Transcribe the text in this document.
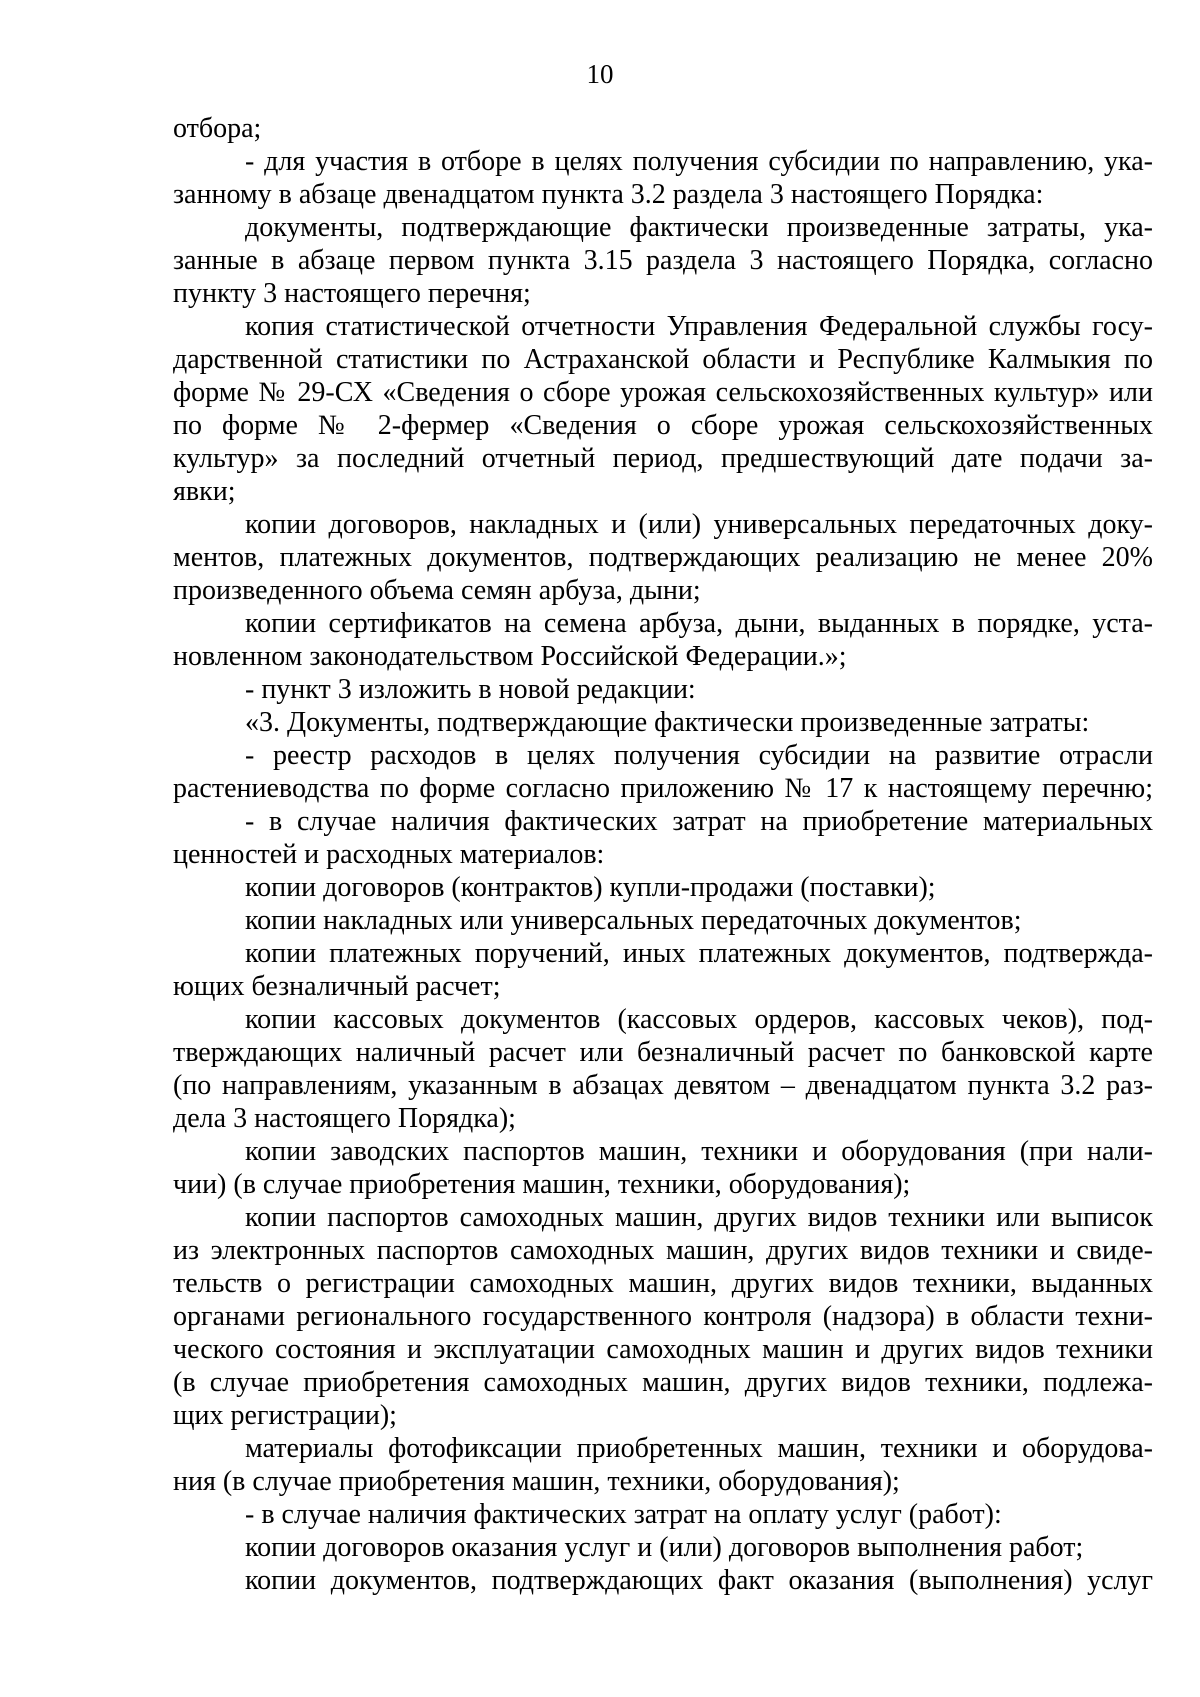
10
отбора;
- для участия в отборе в целях получения субсидии по направлению, ука-
занному в абзаце двенадцатом пункта 3.2 раздела 3 настоящего Порядка:
документы, подтверждающие фактически произведенные затраты, ука-
занные в абзаце первом пункта 3.15 раздела 3 настоящего Порядка, согласно
пункту 3 настоящего перечня;
копия статистической отчетности Управления Федеральной службы госу-
дарственной статистики по Астраханской области и Республике Калмыкия по
форме № 29-СХ «Сведения о сборе урожая сельскохозяйственных культур» или
по форме № 2-фермер «Сведения о сборе урожая сельскохозяйственных
культур» за последний отчетный период, предшествующий дате подачи за-
явки;
копии договоров, накладных и (или) универсальных передаточных доку-
ментов, платежных документов, подтверждающих реализацию не менее 20%
произведенного объема семян арбуза, дыни;
копии сертификатов на семена арбуза, дыни, выданных в порядке, уста-
новленном законодательством Российской Федерации.»;
- пункт 3 изложить в новой редакции:
«3. Документы, подтверждающие фактически произведенные затраты:
- реестр расходов в целях получения субсидии на развитие отрасли
растениеводства по форме согласно приложению № 17 к настоящему перечню;
- в случае наличия фактических затрат на приобретение материальных
ценностей и расходных материалов:
копии договоров (контрактов) купли-продажи (поставки);
копии накладных или универсальных передаточных документов;
копии платежных поручений, иных платежных документов, подтвержда-
ющих безналичный расчет;
копии кассовых документов (кассовых ордеров, кассовых чеков), под-
тверждающих наличный расчет или безналичный расчет по банковской карте
(по направлениям, указанным в абзацах девятом – двенадцатом пункта 3.2 раз-
дела 3 настоящего Порядка);
копии заводских паспортов машин, техники и оборудования (при нали-
чии) (в случае приобретения машин, техники, оборудования);
копии паспортов самоходных машин, других видов техники или выписок
из электронных паспортов самоходных машин, других видов техники и свиде-
тельств о регистрации самоходных машин, других видов техники, выданных
органами регионального государственного контроля (надзора) в области техни-
ческого состояния и эксплуатации самоходных машин и других видов техники
(в случае приобретения самоходных машин, других видов техники, подлежа-
щих регистрации);
материалы фотофиксации приобретенных машин, техники и оборудова-
ния (в случае приобретения машин, техники, оборудования);
- в случае наличия фактических затрат на оплату услуг (работ):
копии договоров оказания услуг и (или) договоров выполнения работ;
копии документов, подтверждающих факт оказания (выполнения) услуг
